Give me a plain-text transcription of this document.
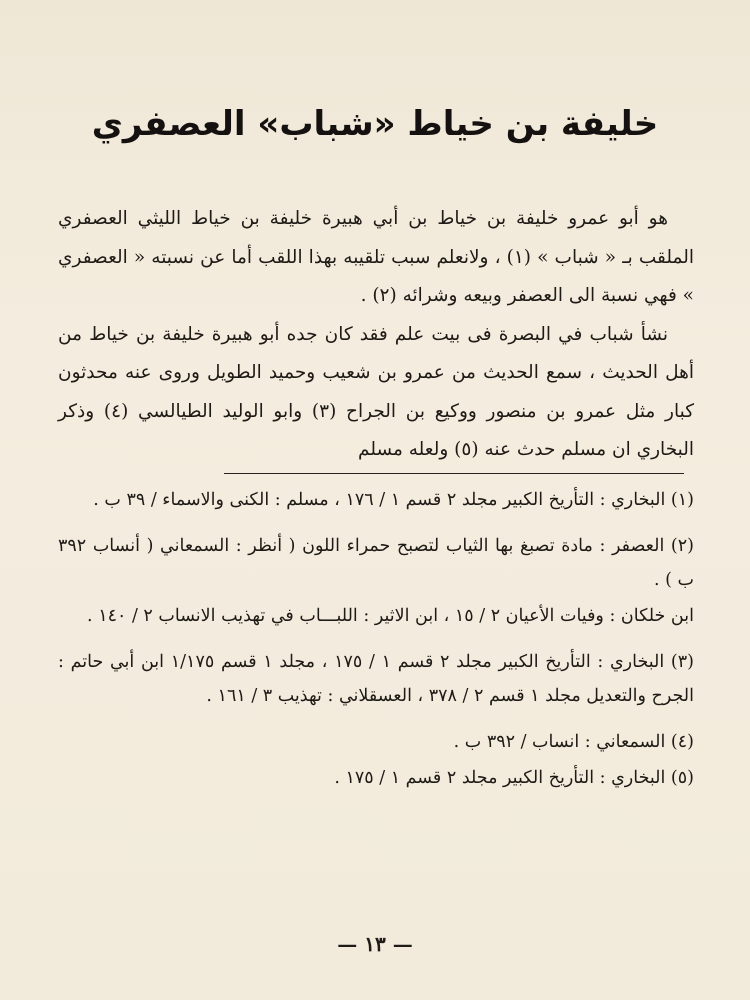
خليفة بن خياط «شباب» العصفري

هو أبو عمرو خليفة بن خياط بن أبي هبيرة خليفة بن خياط الليثي العصفري الملقب بـ « شباب » (١) ، ولانعلم سبب تلقيبه بهذا اللقب أما عن نسبته « العصفري » فهي نسبة الى العصفر وبيعه وشرائه (٢) .

نشأ شباب في البصرة فى بيت علم فقد كان جده أبو هبيرة خليفة بن خياط من أهل الحديث ، سمع الحديث من عمرو بن شعيب وحميد الطويل وروى عنه محدثون كبار مثل عمرو بن منصور ووكيع بن الجراح (٣) وابو الوليد الطيالسي (٤) وذكر البخاري ان مسلم حدث عنه (٥) ولعله مسلم

(١) البخاري : التأريخ الكبير مجلد ٢ قسم ١ / ١٧٦ ، مسلم : الكنى والاسماء / ٣٩ ب .

(٢) العصفر : مادة تصبغ بها الثياب لتصبح حمراء اللون ( أنظر : السمعاني ( أنساب ٣٩٢ ب ) .

ابن خلكان : وفيات الأعيان ٢ / ١٥ ، ابن الاثير : اللبـــاب في تهذيب الانساب ٢ / ١٤٠ .

(٣) البخاري : التأريخ الكبير مجلد ٢ قسم ١ / ١٧٥ ، مجلد ١ قسم ١/١٧٥ ابن أبي حاتم : الجرح والتعديل مجلد ١ قسم ٢ / ٣٧٨ ، العسقلاني : تهذيب ٣ / ١٦١ .

(٤) السمعاني : انساب / ٣٩٢ ب .

(٥) البخاري : التأريخ الكبير مجلد ٢ قسم ١ / ١٧٥ .

— ١٣ —
